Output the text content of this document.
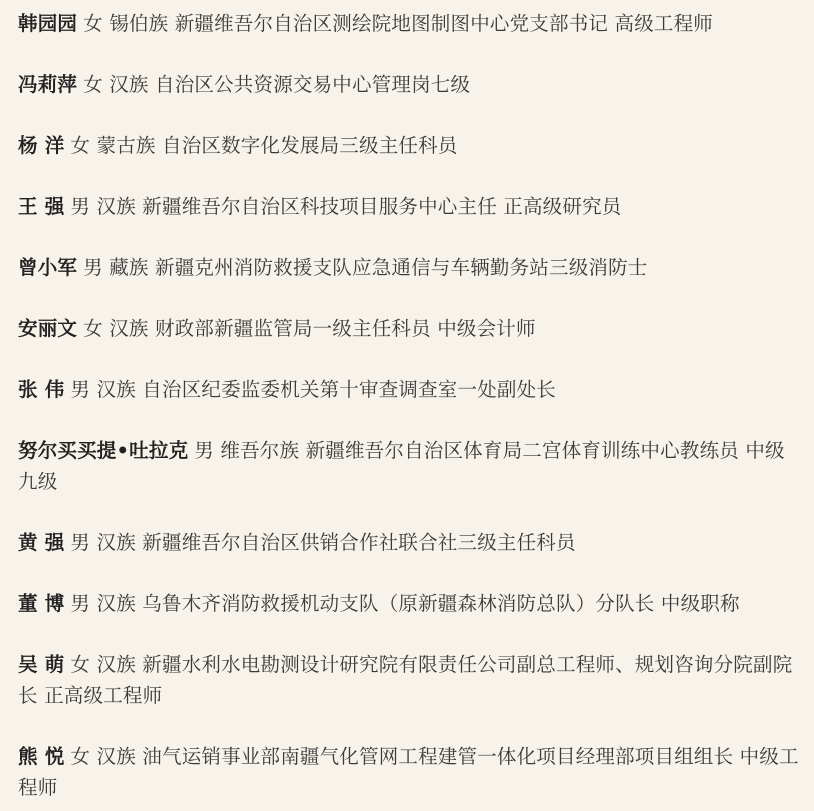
韩园园 女 锡伯族 新疆维吾尔自治区测绘院地图制图中心党支部书记 高级工程师
冯莉萍 女 汉族 自治区公共资源交易中心管理岗七级
杨 洋 女 蒙古族 自治区数字化发展局三级主任科员
王 强 男 汉族 新疆维吾尔自治区科技项目服务中心主任 正高级研究员
曾小军 男 藏族 新疆克州消防救援支队应急通信与车辆勤务站三级消防士
安丽文 女 汉族 财政部新疆监管局一级主任科员 中级会计师
张 伟 男 汉族 自治区纪委监委机关第十审查调查室一处副处长
努尔买买提•吐拉克 男 维吾尔族 新疆维吾尔自治区体育局二宫体育训练中心教练员 中级九级
黄 强 男 汉族 新疆维吾尔自治区供销合作社联合社三级主任科员
董 博 男 汉族 乌鲁木齐消防救援机动支队（原新疆森林消防总队）分队长 中级职称
吴 萌 女 汉族 新疆水利水电勘测设计研究院有限责任公司副总工程师、规划咨询分院副院长 正高级工程师
熊 悦 女 汉族 油气运销事业部南疆气化管网工程建管一体化项目经理部项目组组长 中级工程师
